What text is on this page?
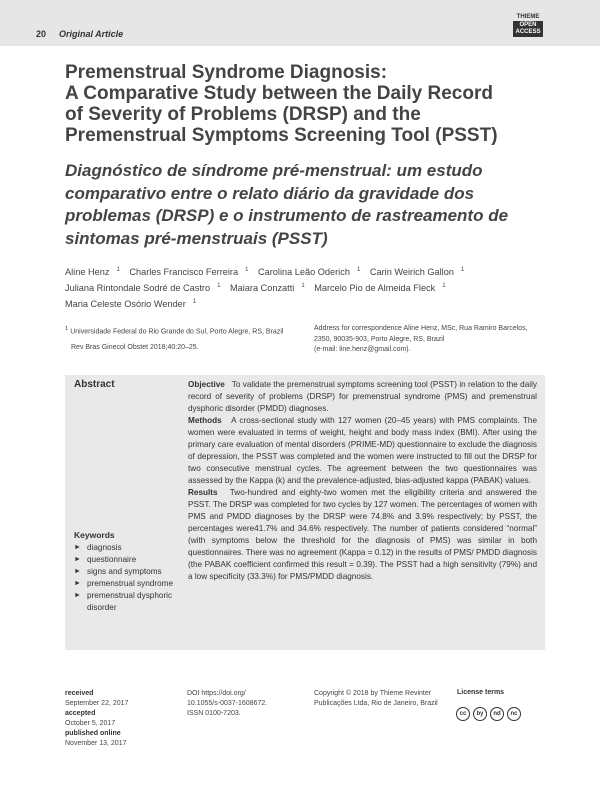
20 Original Article
THIEME
OPEN
ACCESS
Premenstrual Syndrome Diagnosis:
A Comparative Study between the Daily Record
of Severity of Problems (DRSP) and the
Premenstrual Symptoms Screening Tool (PSST)
Diagnóstico de síndrome pré-menstrual: um estudo
comparativo entre o relato diário da gravidade dos
problemas (DRSP) e o instrumento de rastreamento de
sintomas pré-menstruais (PSST)
Aline Henz $^1$ Charles Francisco Ferreira $^1$ Carolina Leão Oderich $^1$ Carin Weirich Gallon $^1$
Juliana Rintondale Sodré de Castro $^1$ Maiara Conzatti $^1$ Marcelo Pio de Almeida Fleck $^1$
Maria Celeste Osório Wender $^1$
$^1$ Universidade Federal do Rio Grande do Sul, Porto Alegre, RS, Brazil
Rev Bras Ginecol Obstet 2018;40:20–25.
Address for correspondence Aline Henz, MSc, Rua Ramiro Barcelos,
2350, 90035-903, Porto Alegre, RS, Brazil
(e-mail: line.henz@gmail.com).
Abstract	Objective To validate the premenstrual symptoms screening tool (PSST) in relation to the daily record of severity of problems (DRSP) for premenstrual syndrome (PMS) and premenstrual dysphoric disorder (PMDD) diagnoses.

Methods A cross-sectional study with 127 women (20–45 years) with PMS complaints. The women were evaluated in terms of weight, height and body mass index (BMI). After using the primary care evaluation of mental disorders (PRIME-MD) questionnaire to exclude the diagnosis of depression, the PSST was completed and the women were instructed to fill out the DRSP for two consecutive menstrual cycles. The agreement between the two questionnaires was assessed by the Kappa (k) and the prevalence-adjusted, bias-adjusted kappa (PABAK) values.

Results Two-hundred and eighty-two women met the eligibility criteria and answered the PSST. The DRSP was completed for two cycles by 127 women. The percentages of women with PMS and PMDD diagnoses by the DRSP were 74.8% and 3.9% respectively; by PSST, the percentages were41.7% and 34.6% respectively. The number of patients considered “normal” (with symptoms below the threshold for the diagnosis of PMS) was similar in both questionnaires. There was no agreement (Kappa = 0.12) in the results of PMS/ PMDD diagnosis (the PABAK coefficient confirmed this result = 0.39). The PSST had a high sensitivity (79%) and a low specificity (33.3%) for PMS/PMDD diagnosis.

Keywords
► diagnosis
► questionnaire
► signs and symptoms
► premenstrual syndrome
► premenstrual dysphoric disorder
received
September 22, 2017
accepted
October 5, 2017
published online
November 13, 2017
DOI https://doi.org/
10.1055/s-0037-1608672.
ISSN 0100-7203.
Copyright © 2018 by Thieme Revinter
Publicações Ltda, Rio de Janeiro, Brazil
License terms
cc by nd nc
